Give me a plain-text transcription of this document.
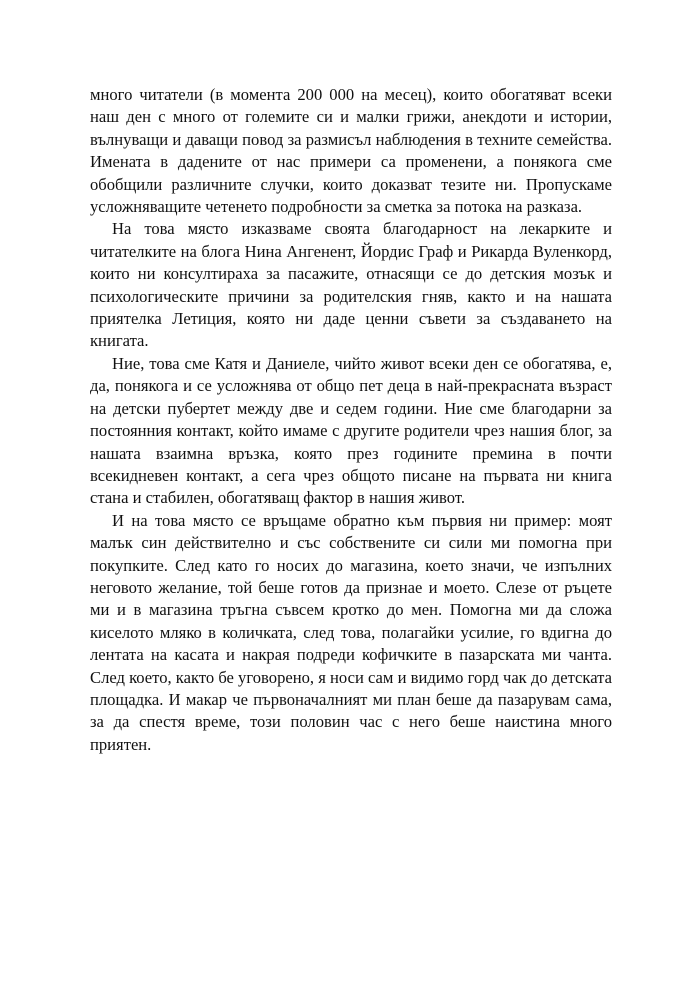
много читатели (в момента 200 000 на месец), които обогатяват всеки наш ден с много от големите си и малки грижи, анекдоти и истории, вълнуващи и даващи повод за размисъл наблюдения в техните семейства. Имената в дадените от нас примери са променени, а понякога сме обобщили различните случки, които доказват тезите ни. Пропускаме усложняващите четенето подробности за сметка за потока на разказа.

На това място изказваме своята благодарност на лекарките и читателките на блога Нина Ангенент, Йордис Граф и Рикарда Вуленкорд, които ни консултираха за пасажите, отнасящи се до детския мозък и психологическите причини за родителския гняв, както и на нашата приятелка Летиция, която ни даде ценни съвети за създаването на книгата.

Ние, това сме Катя и Даниеле, чийто живот всеки ден се обогатява, е, да, понякога и се усложнява от общо пет деца в най-прекрасната възраст на детски пубертет между две и седем години. Ние сме благодарни за постоянния контакт, който имаме с другите родители чрез нашия блог, за нашата взаимна връзка, която през годините премина в почти всекидневен контакт, а сега чрез общото писане на първата ни книга стана и стабилен, обогатяващ фактор в нашия живот.

И на това място се връщаме обратно към първия ни пример: моят малък син действително и със собствените си сили ми помогна при покупките. След като го носих до магазина, което значи, че изпълних неговото желание, той беше готов да признае и моето. Слезе от ръцете ми и в магазина тръгна съвсем кротко до мен. Помогна ми да сложа киселото мляко в количката, след това, полагайки усилие, го вдигна до лентата на касата и накрая подреди кофичките в пазарската ми чанта. След което, както бе уговорено, я носи сам и видимо горд чак до детската площадка. И макар че първоначалният ми план беше да пазарувам сама, за да спестя време, този половин час с него беше наистина много приятен.
